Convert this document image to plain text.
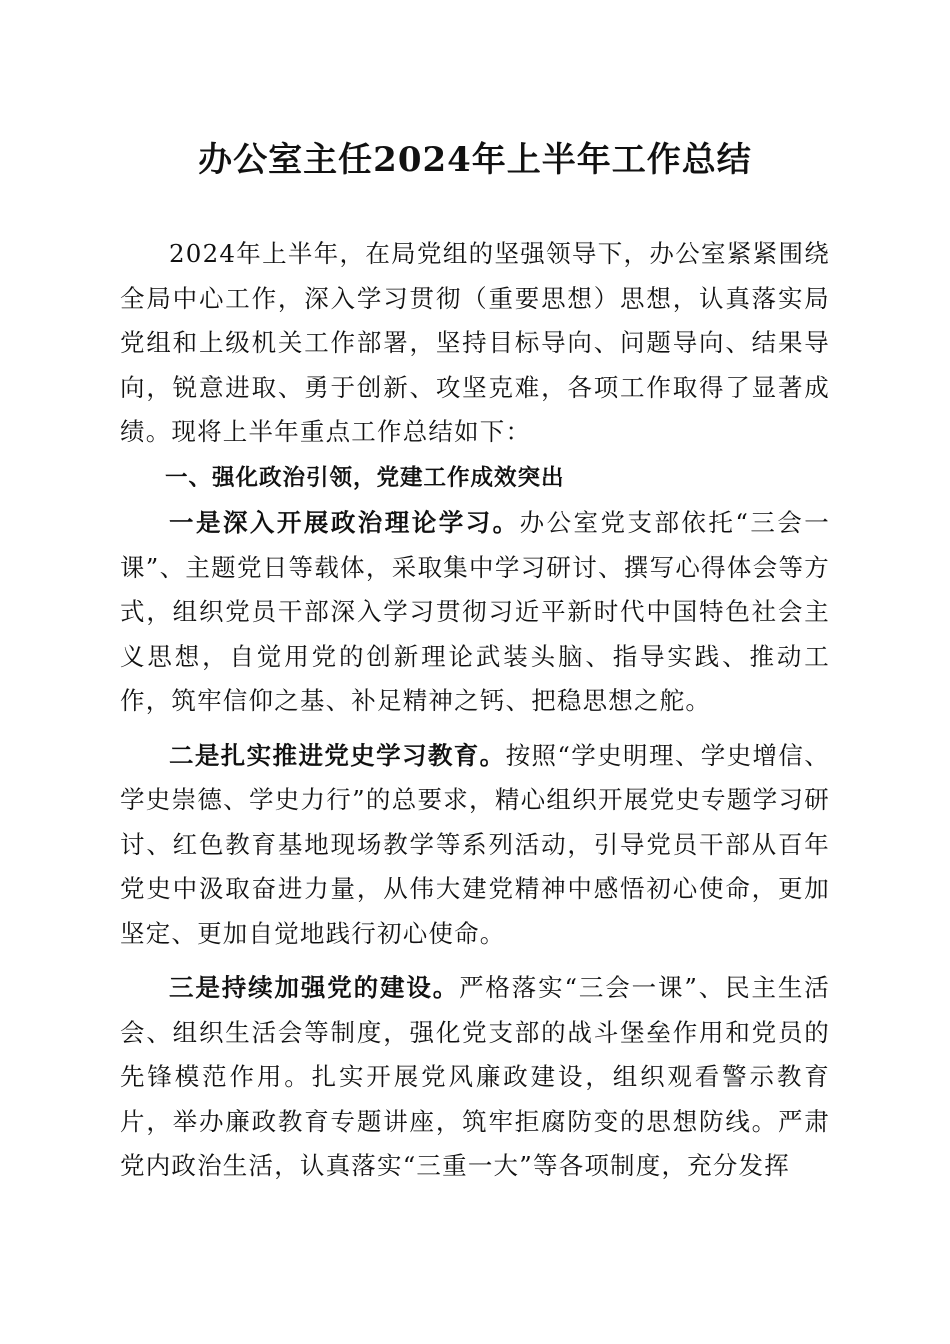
办公室主任2024年上半年工作总结

2024年上半年，在局党组的坚强领导下，办公室紧紧围绕全局中心工作，深入学习贯彻（重要思想）思想，认真落实局党组和上级机关工作部署，坚持目标导向、问题导向、结果导向，锐意进取、勇于创新、攻坚克难，各项工作取得了显著成绩。现将上半年重点工作总结如下：

一、强化政治引领，党建工作成效突出

一是深入开展政治理论学习。办公室党支部依托“三会一课”、主题党日等载体，采取集中学习研讨、撰写心得体会等方式，组织党员干部深入学习贯彻习近平新时代中国特色社会主义思想，自觉用党的创新理论武装头脑、指导实践、推动工作，筑牢信仰之基、补足精神之钙、把稳思想之舵。

二是扎实推进党史学习教育。按照“学史明理、学史增信、学史崇德、学史力行”的总要求，精心组织开展党史专题学习研讨、红色教育基地现场教学等系列活动，引导党员干部从百年党史中汲取奋进力量，从伟大建党精神中感悟初心使命，更加坚定、更加自觉地践行初心使命。

三是持续加强党的建设。严格落实“三会一课”、民主生活会、组织生活会等制度，强化党支部的战斗堡垒作用和党员的先锋模范作用。扎实开展党风廉政建设，组织观看警示教育片，举办廉政教育专题讲座，筑牢拒腐防变的思想防线。严肃党内政治生活，认真落实“三重一大”等各项制度，充分发挥
